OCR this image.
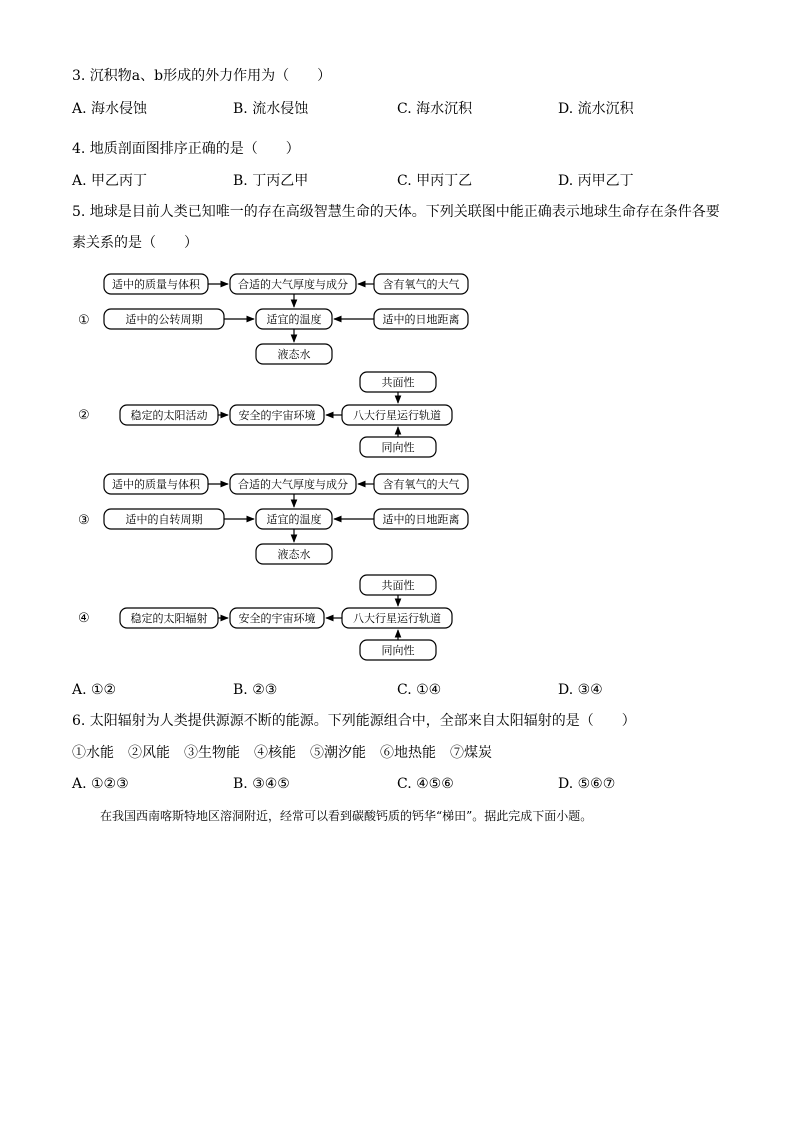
3. 沉积物a、b形成的外力作用为（　　）
A. 海水侵蚀	B. 流水侵蚀	C. 海水沉积	D. 流水沉积
4. 地质剖面图排序正确的是（　　）
A. 甲乙丙丁	B. 丁丙乙甲	C. 甲丙丁乙	D. 丙甲乙丁
5. 地球是目前人类已知唯一的存在高级智慧生命的天体。下列关联图中能正确表示地球生命存在条件各要
素关系的是（　　）
①
适中的质量与体积	合适的大气厚度与成分	含有氧气的大气
适中的公转周期	适宜的温度	适中的日地距离
液态水
②
共面性
稳定的太阳活动	安全的宇宙环境	八大行星运行轨道
同向性
③
适中的质量与体积	合适的大气厚度与成分	含有氧气的大气
适中的自转周期	适宜的温度	适中的日地距离
液态水
④
共面性
稳定的太阳辐射	安全的宇宙环境	八大行星运行轨道
同向性
A. ①②	B. ②③	C. ①④	D. ③④
6. 太阳辐射为人类提供源源不断的能源。下列能源组合中，全部来自太阳辐射的是（　　）
①水能　②风能　③生物能　④核能　⑤潮汐能　⑥地热能　⑦煤炭
A. ①②③	B. ③④⑤	C. ④⑤⑥	D. ⑤⑥⑦
在我国西南喀斯特地区溶洞附近，经常可以看到碳酸钙质的钙华“梯田”。据此完成下面小题。
